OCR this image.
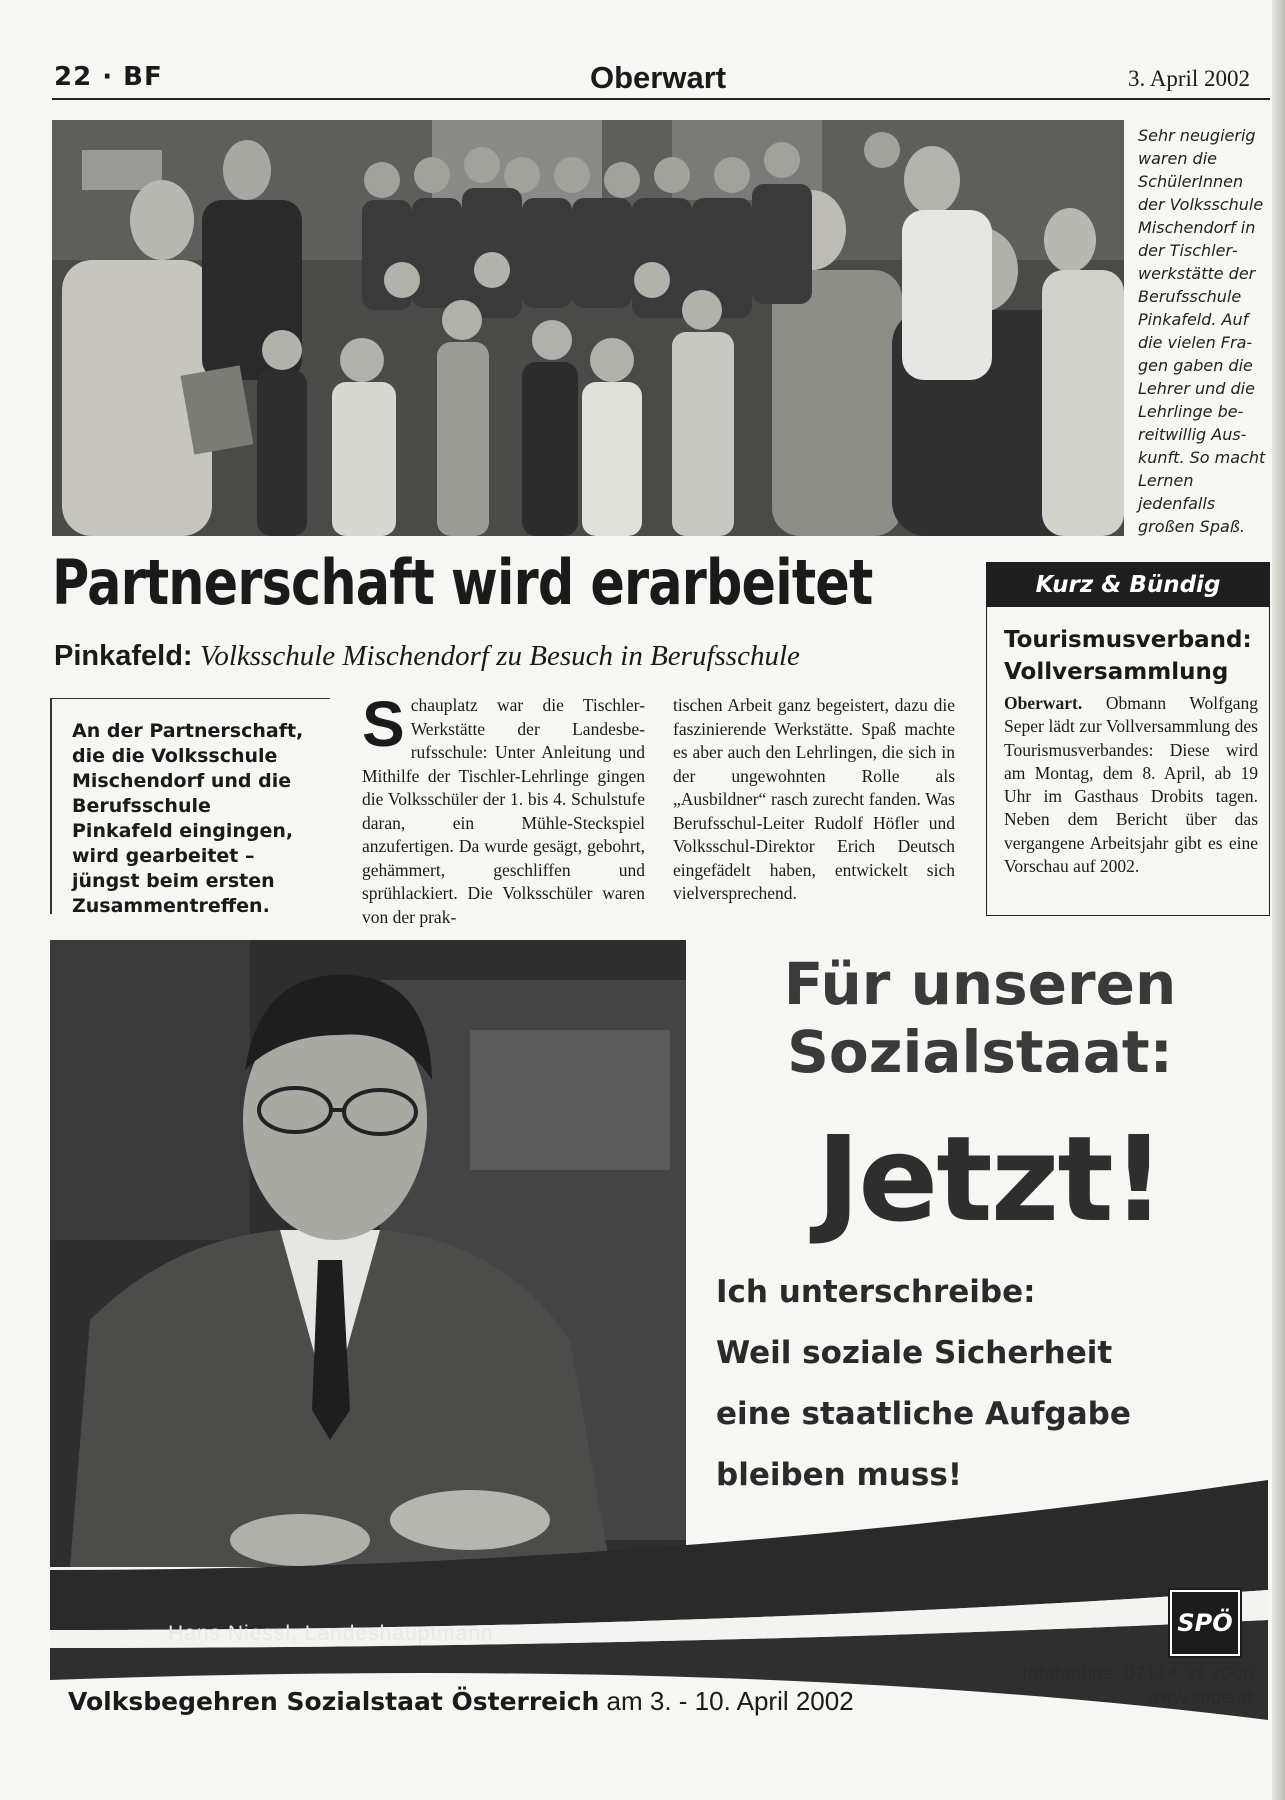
22 · BF	Oberwart	3. April 2002
Sehr neugierig waren die SchülerInnen der Volksschule Mischendorf in der Tischlerwerkstätte der Berufsschule Pinkafeld. Auf die vielen Fragen gaben die Lehrer und die Lehrlinge bereitwillig Auskunft. So macht Lernen jedenfalls großen Spaß.
Partnerschaft wird erarbeitet
Pinkafeld: Volksschule Mischendorf zu Besuch in Berufsschule
An der Partnerschaft, die die Volksschule Mischendorf und die Berufsschule Pinkafeld eingingen, wird gearbeitet – jüngst beim ersten Zusammentreffen.
Schauplatz war die Tischler-Werkstätte der Landesberufsschule: Unter Anleitung und Mithilfe der Tischler-Lehrlinge gingen die Volksschüler der 1. bis 4. Schulstufe daran, ein Mühle-Steckspiel anzufertigen. Da wurde gesägt, gebohrt, gehämmert, geschliffen und sprühlackiert. Die Volksschüler waren von der prak-
tischen Arbeit ganz begeistert, dazu die faszinierende Werkstätte. Spaß machte es aber auch den Lehrlingen, die sich in der ungewohnten Rolle als „Ausbildner“ rasch zurecht fanden. Was Berufsschul-Leiter Rudolf Höfler und Volksschul-Direktor Erich Deutsch eingefädelt haben, entwickelt sich vielversprechend.
Kurz & Bündig
Tourismusverband: Vollversammlung
Oberwart. Obmann Wolfgang Seper lädt zur Vollversammlung des Tourismusverbandes: Diese wird am Montag, dem 8. April, ab 19 Uhr im Gasthaus Drobits tagen. Neben dem Bericht über das vergangene Arbeitsjahr gibt es eine Vorschau auf 2002.
Für unseren
Sozialstaat:
Jetzt!
Ich unterschreibe:
Weil soziale Sicherheit
eine staatliche Aufgabe
bleiben muss!
Hans Niessl, Landeshauptmann	SPÖ
Infohotline: 07114 99 2000
www.spoe.at
Volksbegehren Sozialstaat Österreich am 3. - 10. April 2002
